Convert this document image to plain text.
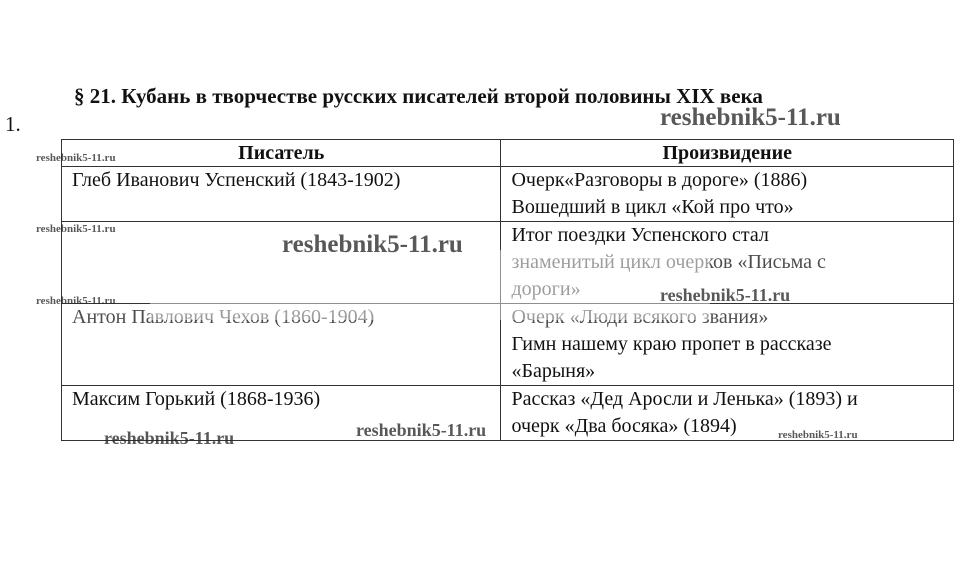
§ 21. Кубань в творчестве русских писателей второй половины XIX века
1.
Писатель	Произвидение

Глеб Иванович Успенский (1843-1902)	Очерк«Разговоры в дороге» (1886)
Вошедший в цикл «Кой про что»

	Итог поездки Успенского стал
знаменитый цикл очерков «Письма с
дороги»

Антон Павлович Чехов (1860-1904)	Очерк «Люди всякого звания»
Гимн нашему краю пропет в рассказе
«Барыня»

Максим Горький (1868-1936)	Рассказ «Дед Аросли и Ленька» (1893) и
очерк «Два босяка» (1894)
reshebnik5-11.ru
reshebnik5-11.ru
reshebnik5-11.ru
reshebnik5-11.ru
reshebnik5-11.ru	reshebnik5-11.ru
reshebnik5-11.ru	reshebnik5-11.ru	reshebnik5-11.ru
